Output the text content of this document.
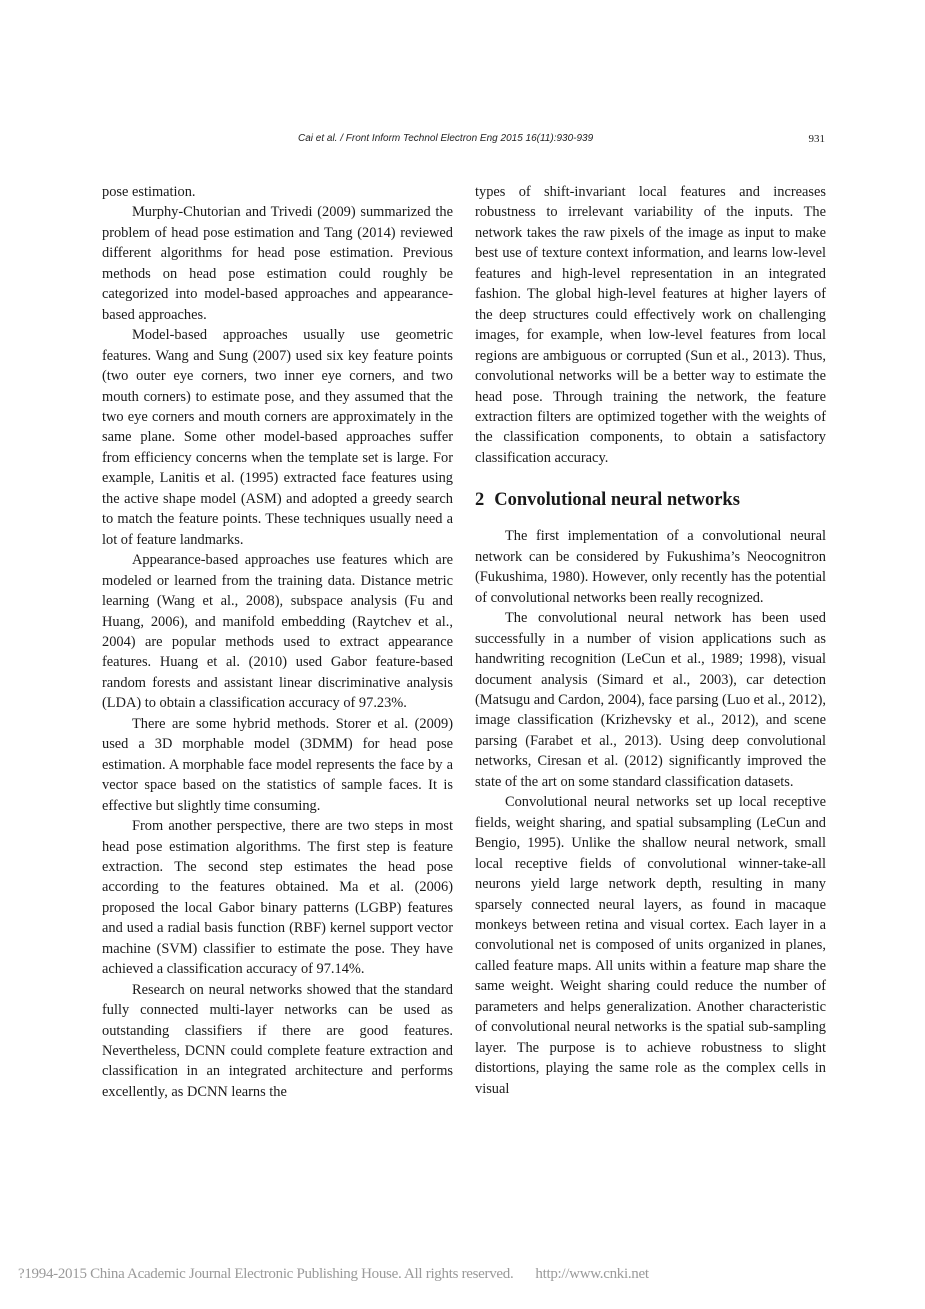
Cai et al. / Front Inform Technol Electron Eng 2015 16(11):930-939	931

pose estimation.

Murphy-Chutorian and Trivedi (2009) summarized the problem of head pose estimation and Tang (2014) reviewed different algorithms for head pose estimation. Previous methods on head pose estimation could roughly be categorized into model-based approaches and appearance-based approaches.

Model-based approaches usually use geometric features. Wang and Sung (2007) used six key feature points (two outer eye corners, two inner eye corners, and two mouth corners) to estimate pose, and they assumed that the two eye corners and mouth corners are approximately in the same plane. Some other model-based approaches suffer from efficiency concerns when the template set is large. For example, Lanitis et al. (1995) extracted face features using the active shape model (ASM) and adopted a greedy search to match the feature points. These techniques usually need a lot of feature landmarks.

Appearance-based approaches use features which are modeled or learned from the training data. Distance metric learning (Wang et al., 2008), subspace analysis (Fu and Huang, 2006), and manifold embedding (Raytchev et al., 2004) are popular methods used to extract appearance features. Huang et al. (2010) used Gabor feature-based random forests and assistant linear discriminative analysis (LDA) to obtain a classification accuracy of 97.23%.

There are some hybrid methods. Storer et al. (2009) used a 3D morphable model (3DMM) for head pose estimation. A morphable face model represents the face by a vector space based on the statistics of sample faces. It is effective but slightly time consuming.

From another perspective, there are two steps in most head pose estimation algorithms. The first step is feature extraction. The second step estimates the head pose according to the features obtained. Ma et al. (2006) proposed the local Gabor binary patterns (LGBP) features and used a radial basis function (RBF) kernel support vector machine (SVM) classifier to estimate the pose. They have achieved a classification accuracy of 97.14%.

Research on neural networks showed that the standard fully connected multi-layer networks can be used as outstanding classifiers if there are good features. Nevertheless, DCNN could complete feature extraction and classification in an integrated architecture and performs excellently, as DCNN learns the

types of shift-invariant local features and increases robustness to irrelevant variability of the inputs. The network takes the raw pixels of the image as input to make best use of texture context information, and learns low-level features and high-level representation in an integrated fashion. The global high-level features at higher layers of the deep structures could effectively work on challenging images, for example, when low-level features from local regions are ambiguous or corrupted (Sun et al., 2013). Thus, convolutional networks will be a better way to estimate the head pose. Through training the network, the feature extraction filters are optimized together with the weights of the classification components, to obtain a satisfactory classification accuracy.

2 Convolutional neural networks

The first implementation of a convolutional neural network can be considered by Fukushima’s Neocognitron (Fukushima, 1980). However, only recently has the potential of convolutional networks been really recognized.

The convolutional neural network has been used successfully in a number of vision applications such as handwriting recognition (LeCun et al., 1989; 1998), visual document analysis (Simard et al., 2003), car detection (Matsugu and Cardon, 2004), face parsing (Luo et al., 2012), image classification (Krizhevsky et al., 2012), and scene parsing (Farabet et al., 2013). Using deep convolutional networks, Ciresan et al. (2012) significantly improved the state of the art on some standard classification datasets.

Convolutional neural networks set up local receptive fields, weight sharing, and spatial subsampling (LeCun and Bengio, 1995). Unlike the shallow neural network, small local receptive fields of convolutional winner-take-all neurons yield large network depth, resulting in many sparsely connected neural layers, as found in macaque monkeys between retina and visual cortex. Each layer in a convolutional net is composed of units organized in planes, called feature maps. All units within a feature map share the same weight. Weight sharing could reduce the number of parameters and helps generalization. Another characteristic of convolutional neural networks is the spatial sub-sampling layer. The purpose is to achieve robustness to slight distortions, playing the same role as the complex cells in visual

?1994-2015 China Academic Journal Electronic Publishing House. All rights reserved. http://www.cnki.net
